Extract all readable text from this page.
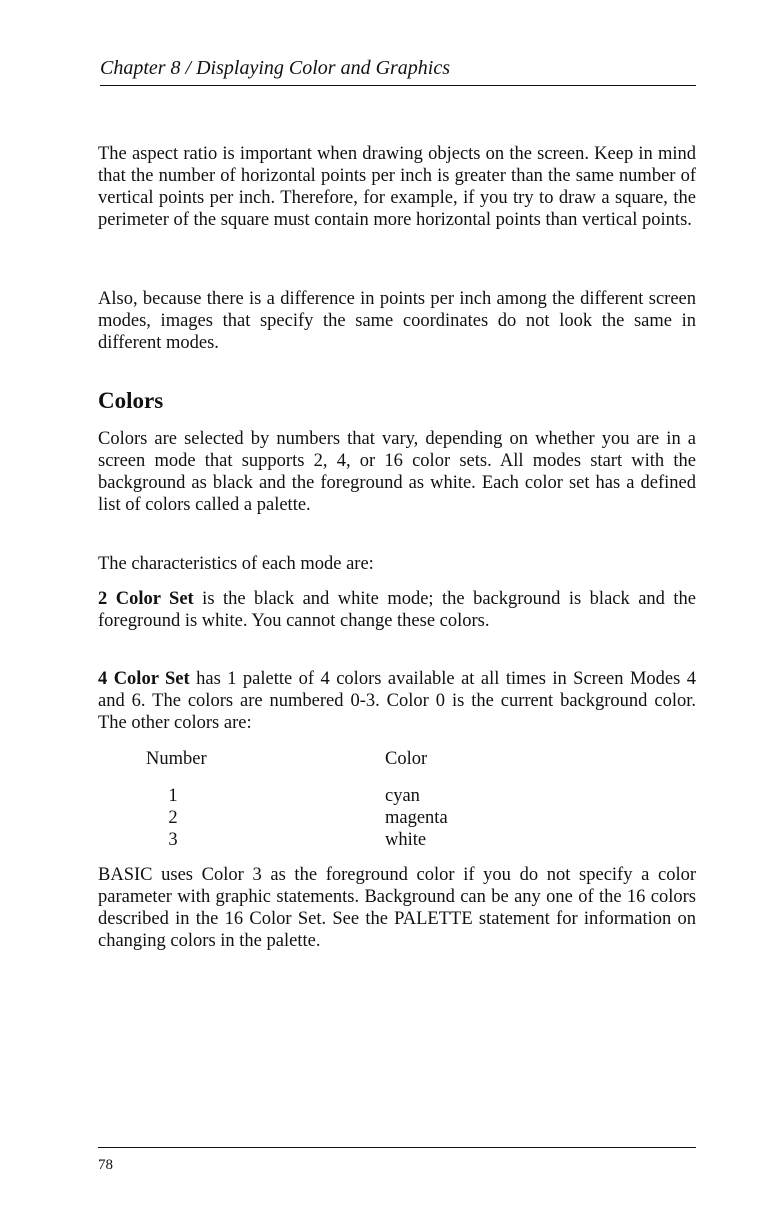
Chapter 8 / Displaying Color and Graphics

The aspect ratio is important when drawing objects on the screen. Keep in mind that the number of horizontal points per inch is greater than the same number of vertical points per inch. Therefore, for example, if you try to draw a square, the perimeter of the square must contain more horizontal points than vertical points.

Also, because there is a difference in points per inch among the different screen modes, images that specify the same coordinates do not look the same in different modes.

Colors

Colors are selected by numbers that vary, depending on whether you are in a screen mode that supports 2, 4, or 16 color sets. All modes start with the background as black and the foreground as white. Each color set has a defined list of colors called a palette.

The characteristics of each mode are:

2 Color Set is the black and white mode; the background is black and the foreground is white. You cannot change these colors.

4 Color Set has 1 palette of 4 colors available at all times in Screen Modes 4 and 6. The colors are numbered 0-3. Color 0 is the current background color. The other colors are:

Number	Color
1	cyan
2	magenta
3	white

BASIC uses Color 3 as the foreground color if you do not specify a color parameter with graphic statements. Background can be any one of the 16 colors described in the 16 Color Set. See the PALETTE statement for information on changing colors in the palette.

78
